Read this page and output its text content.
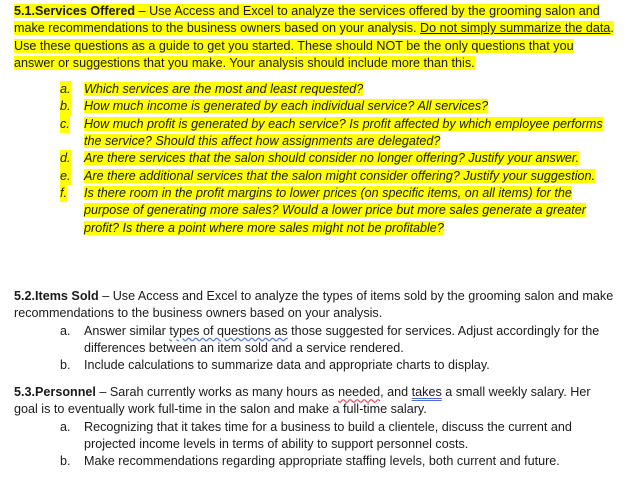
5.1.Services Offered – Use Access and Excel to analyze the services offered by the grooming salon and make recommendations to the business owners based on your analysis. Do not simply summarize the data. Use these questions as a guide to get you started. These should NOT be the only questions that you answer or suggestions that you make. Your analysis should include more than this.

a. Which services are the most and least requested?
b. How much income is generated by each individual service? All services?
c. How much profit is generated by each service? Is profit affected by which employee performs the service? Should this affect how assignments are delegated?
d. Are there services that the salon should consider no longer offering? Justify your answer.
e. Are there additional services that the salon might consider offering? Justify your suggestion.
f. Is there room in the profit margins to lower prices (on specific items, on all items) for the purpose of generating more sales? Would a lower price but more sales generate a greater profit? Is there a point where more sales might not be profitable?

5.2.Items Sold – Use Access and Excel to analyze the types of items sold by the grooming salon and make recommendations to the business owners based on your analysis.

a. Answer similar types of questions as those suggested for services. Adjust accordingly for the differences between an item sold and a service rendered.
b. Include calculations to summarize data and appropriate charts to display.

5.3.Personnel – Sarah currently works as many hours as needed, and takes a small weekly salary. Her goal is to eventually work full-time in the salon and make a full-time salary.

a. Recognizing that it takes time for a business to build a clientele, discuss the current and projected income levels in terms of ability to support personnel costs.
b. Make recommendations regarding appropriate staffing levels, both current and future.
